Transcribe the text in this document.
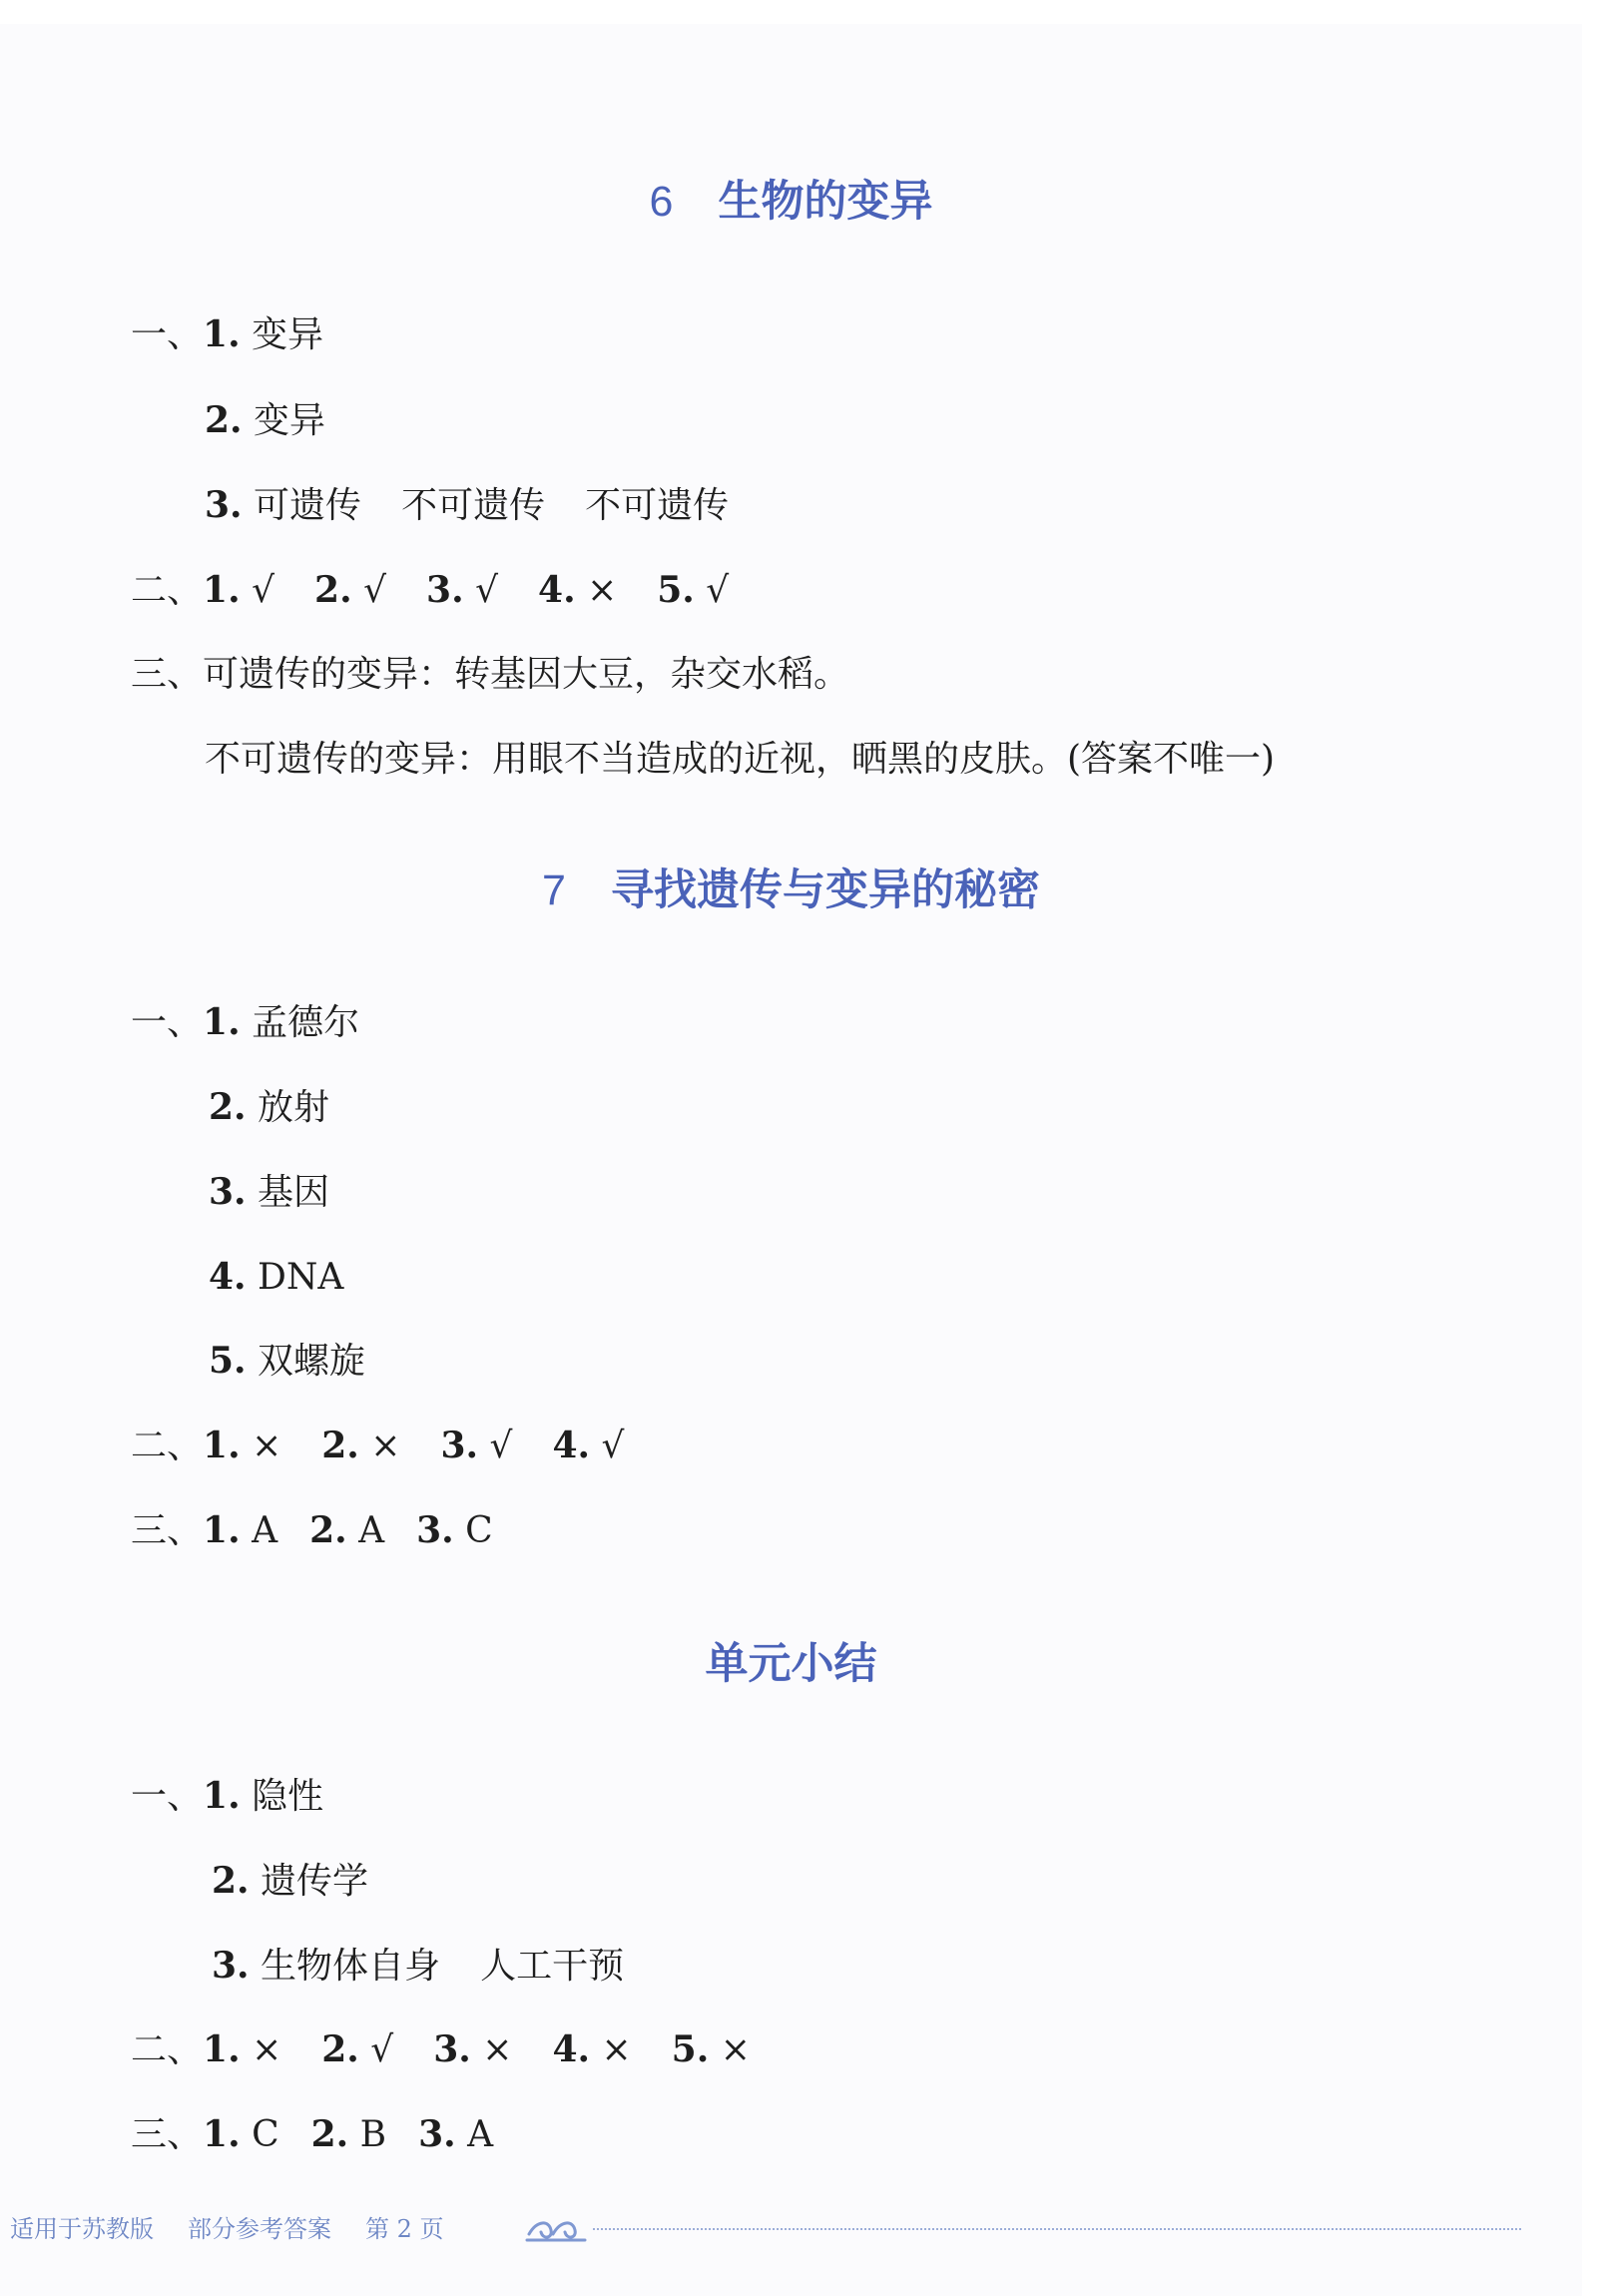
6 生物的变异
一、1. 变异
2. 变异
3. 可遗传 不可遗传 不可遗传
二、1. √ 2. √ 3. √ 4. × 5. √
三、可遗传的变异：转基因大豆，杂交水稻。
不可遗传的变异：用眼不当造成的近视，晒黑的皮肤。(答案不唯一)
7 寻找遗传与变异的秘密
一、1. 孟德尔
2. 放射
3. 基因
4. DNA
5. 双螺旋
二、1. × 2. × 3. √ 4. √
三、1. A 2. A 3. C
单元小结
一、1. 隐性
2. 遗传学
3. 生物体自身 人工干预
二、1. × 2. √ 3. × 4. × 5. ×
三、1. C 2. B 3. A
适用于苏教版 部分参考答案 第 2 页
